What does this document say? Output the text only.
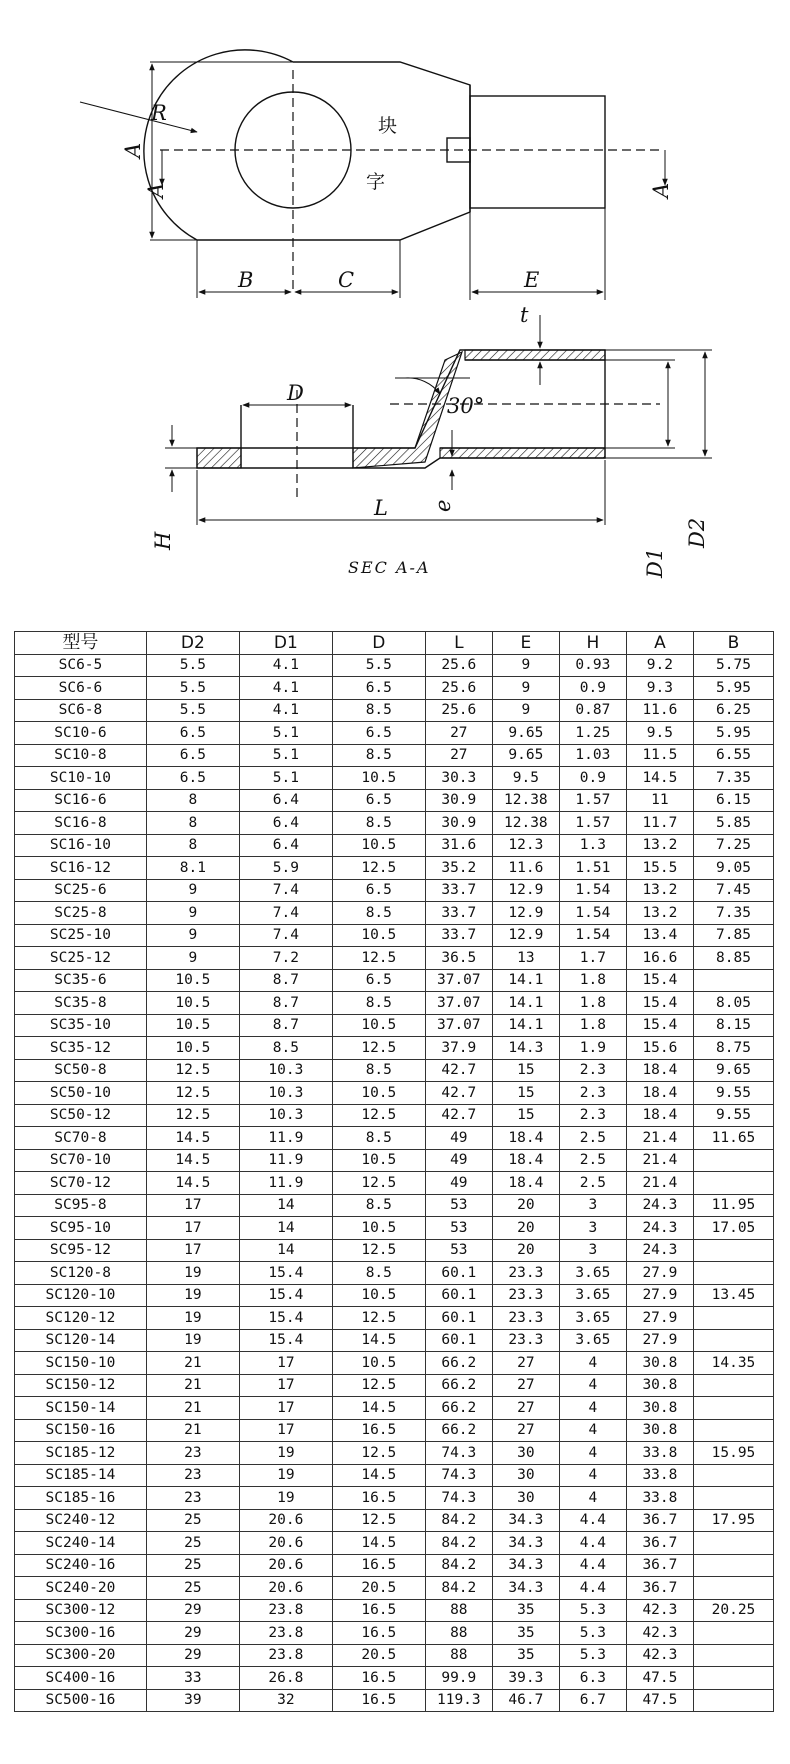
A
A	A
R
字
块
B	C	E
D
30°
t
H
e
L
D1
D2
SEC A-A
型号	D2	D1	D	L	E	H	A	B
SC6-5	5.5	4.1	5.5	25.6	9	0.93	9.2	5.75
SC6-6	5.5	4.1	6.5	25.6	9	0.9	9.3	5.95
SC6-8	5.5	4.1	8.5	25.6	9	0.87	11.6	6.25
SC10-6	6.5	5.1	6.5	27	9.65	1.25	9.5	5.95
SC10-8	6.5	5.1	8.5	27	9.65	1.03	11.5	6.55
SC10-10	6.5	5.1	10.5	30.3	9.5	0.9	14.5	7.35
SC16-6	8	6.4	6.5	30.9	12.38	1.57	11	6.15
SC16-8	8	6.4	8.5	30.9	12.38	1.57	11.7	5.85
SC16-10	8	6.4	10.5	31.6	12.3	1.3	13.2	7.25
SC16-12	8.1	5.9	12.5	35.2	11.6	1.51	15.5	9.05
SC25-6	9	7.4	6.5	33.7	12.9	1.54	13.2	7.45
SC25-8	9	7.4	8.5	33.7	12.9	1.54	13.2	7.35
SC25-10	9	7.4	10.5	33.7	12.9	1.54	13.4	7.85
SC25-12	9	7.2	12.5	36.5	13	1.7	16.6	8.85
SC35-6	10.5	8.7	6.5	37.07	14.1	1.8	15.4	
SC35-8	10.5	8.7	8.5	37.07	14.1	1.8	15.4	8.05
SC35-10	10.5	8.7	10.5	37.07	14.1	1.8	15.4	8.15
SC35-12	10.5	8.5	12.5	37.9	14.3	1.9	15.6	8.75
SC50-8	12.5	10.3	8.5	42.7	15	2.3	18.4	9.65
SC50-10	12.5	10.3	10.5	42.7	15	2.3	18.4	9.55
SC50-12	12.5	10.3	12.5	42.7	15	2.3	18.4	9.55
SC70-8	14.5	11.9	8.5	49	18.4	2.5	21.4	11.65
SC70-10	14.5	11.9	10.5	49	18.4	2.5	21.4	
SC70-12	14.5	11.9	12.5	49	18.4	2.5	21.4	
SC95-8	17	14	8.5	53	20	3	24.3	11.95
SC95-10	17	14	10.5	53	20	3	24.3	17.05
SC95-12	17	14	12.5	53	20	3	24.3	
SC120-8	19	15.4	8.5	60.1	23.3	3.65	27.9	
SC120-10	19	15.4	10.5	60.1	23.3	3.65	27.9	13.45
SC120-12	19	15.4	12.5	60.1	23.3	3.65	27.9	
SC120-14	19	15.4	14.5	60.1	23.3	3.65	27.9	
SC150-10	21	17	10.5	66.2	27	4	30.8	14.35
SC150-12	21	17	12.5	66.2	27	4	30.8	
SC150-14	21	17	14.5	66.2	27	4	30.8	
SC150-16	21	17	16.5	66.2	27	4	30.8	
SC185-12	23	19	12.5	74.3	30	4	33.8	15.95
SC185-14	23	19	14.5	74.3	30	4	33.8	
SC185-16	23	19	16.5	74.3	30	4	33.8	
SC240-12	25	20.6	12.5	84.2	34.3	4.4	36.7	17.95
SC240-14	25	20.6	14.5	84.2	34.3	4.4	36.7	
SC240-16	25	20.6	16.5	84.2	34.3	4.4	36.7	
SC240-20	25	20.6	20.5	84.2	34.3	4.4	36.7	
SC300-12	29	23.8	16.5	88	35	5.3	42.3	20.25
SC300-16	29	23.8	16.5	88	35	5.3	42.3	
SC300-20	29	23.8	20.5	88	35	5.3	42.3	
SC400-16	33	26.8	16.5	99.9	39.3	6.3	47.5	
SC500-16	39	32	16.5	119.3	46.7	6.7	47.5	
